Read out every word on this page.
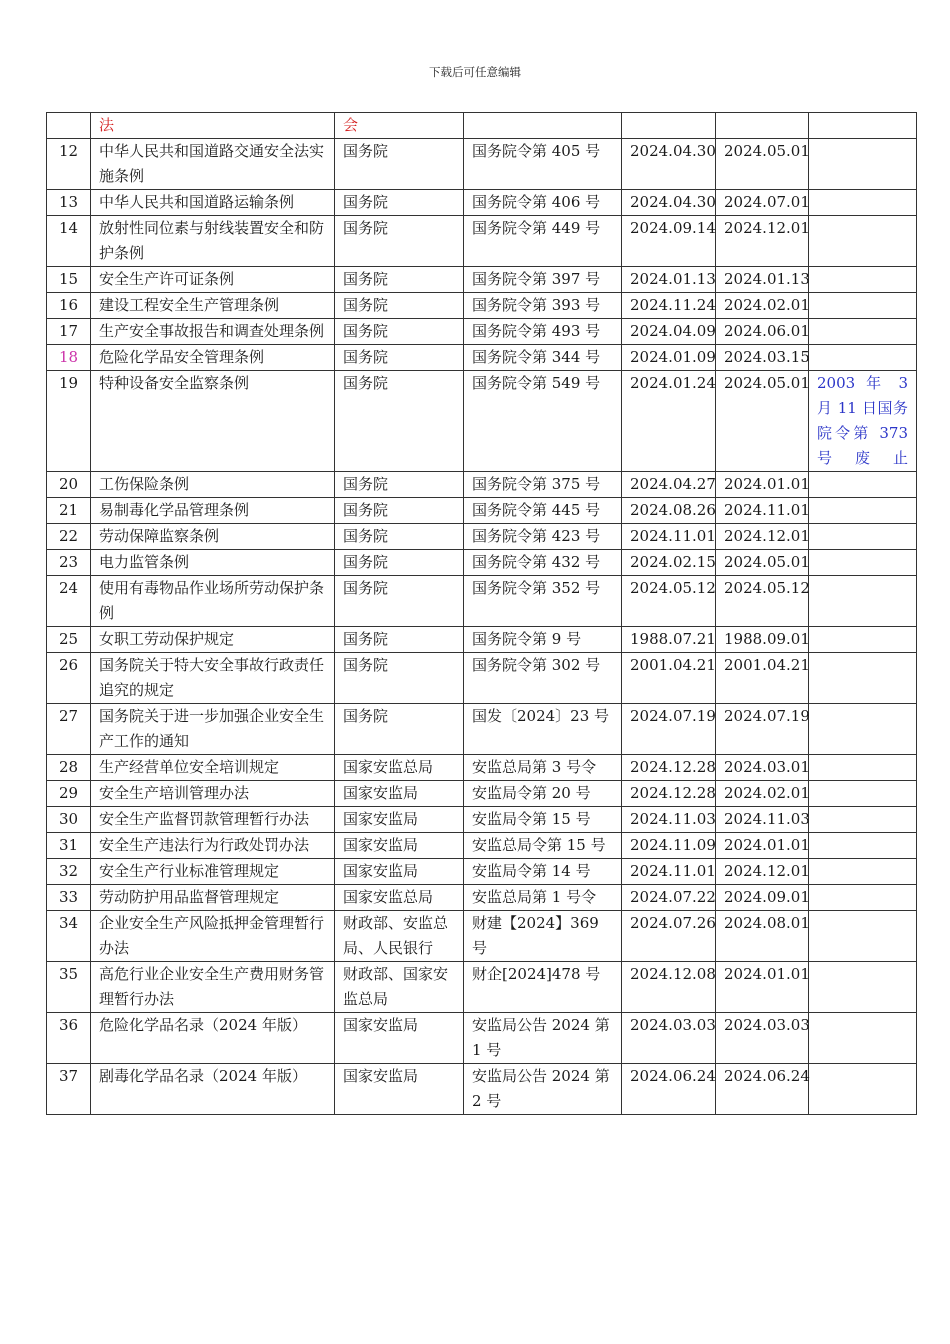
下载后可任意编辑
	法	会				
12	中华人民共和国道路交通安全法实施条例	国务院	国务院令第 405 号	2024.04.30	2024.05.01	
13	中华人民共和国道路运输条例	国务院	国务院令第 406 号	2024.04.30	2024.07.01	
14	放射性同位素与射线装置安全和防护条例	国务院	国务院令第 449 号	2024.09.14	2024.12.01	
15	安全生产许可证条例	国务院	国务院令第 397 号	2024.01.13	2024.01.13	
16	建设工程安全生产管理条例	国务院	国务院令第 393 号	2024.11.24	2024.02.01	
17	生产安全事故报告和调查处理条例	国务院	国务院令第 493 号	2024.04.09	2024.06.01	
18	危险化学品安全管理条例	国务院	国务院令第 344 号	2024.01.09	2024.03.15	
19	特种设备安全监察条例	国务院	国务院令第 549 号	2024.01.24	2024.05.01	2003 年 3 月 11 日国务院令第 373 号废止
20	工伤保险条例	国务院	国务院令第 375 号	2024.04.27	2024.01.01	
21	易制毒化学品管理条例	国务院	国务院令第 445 号	2024.08.26	2024.11.01	
22	劳动保障监察条例	国务院	国务院令第 423 号	2024.11.01	2024.12.01	
23	电力监管条例	国务院	国务院令第 432 号	2024.02.15	2024.05.01	
24	使用有毒物品作业场所劳动保护条例	国务院	国务院令第 352 号	2024.05.12	2024.05.12	
25	女职工劳动保护规定	国务院	国务院令第 9 号	1988.07.21	1988.09.01	
26	国务院关于特大安全事故行政责任追究的规定	国务院	国务院令第 302 号	2001.04.21	2001.04.21	
27	国务院关于进一步加强企业安全生产工作的通知	国务院	国发〔2024〕23 号	2024.07.19	2024.07.19	
28	生产经营单位安全培训规定	国家安监总局	安监总局第 3 号令	2024.12.28	2024.03.01	
29	安全生产培训管理办法	国家安监局	安监局令第 20 号	2024.12.28	2024.02.01	
30	安全生产监督罚款管理暂行办法	国家安监局	安监局令第 15 号	2024.11.03	2024.11.03	
31	安全生产违法行为行政处罚办法	国家安监局	安监总局令第 15 号	2024.11.09	2024.01.01	
32	安全生产行业标准管理规定	国家安监局	安监局令第 14 号	2024.11.01	2024.12.01	
33	劳动防护用品监督管理规定	国家安监总局	安监总局第 1 号令	2024.07.22	2024.09.01	
34	企业安全生产风险抵押金管理暂行办法	财政部、安监总局、人民银行	财建【2024】369 号	2024.07.26	2024.08.01	
35	高危行业企业安全生产费用财务管理暂行办法	财政部、国家安监总局	财企[2024]478 号	2024.12.08	2024.01.01	
36	危险化学品名录（2024 年版）	国家安监局	安监局公告 2024 第 1 号	2024.03.03	2024.03.03	
37	剧毒化学品名录（2024 年版）	国家安监局	安监局公告 2024 第 2 号	2024.06.24	2024.06.24	
